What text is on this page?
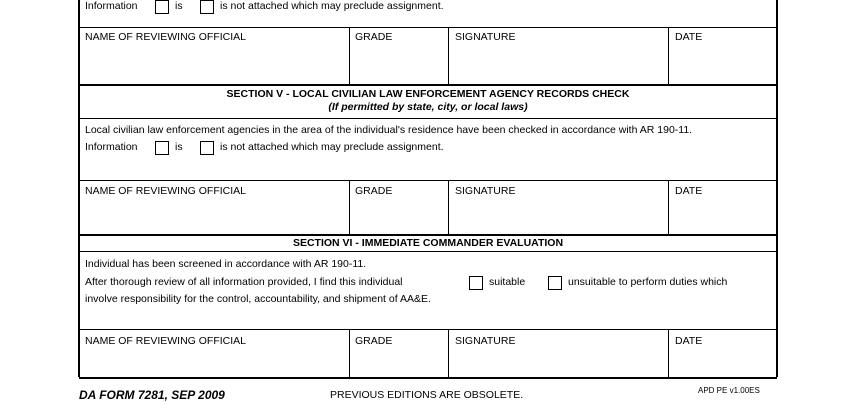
Information	is	is not attached which may preclude assignment.
NAME OF REVIEWING OFFICIAL	GRADE	SIGNATURE	DATE
SECTION V - LOCAL CIVILIAN LAW ENFORCEMENT AGENCY RECORDS CHECK
(If permitted by state, city, or local laws)
Local civilian law enforcement agencies in the area of the individual's residence have been checked in accordance with AR 190-11.
Information	is	is not attached which may preclude assignment.
NAME OF REVIEWING OFFICIAL	GRADE	SIGNATURE	DATE
SECTION VI - IMMEDIATE COMMANDER EVALUATION
Individual has been screened in accordance with AR 190-11.
After thorough review of all information provided, I find this individual
involve responsibility for the control, accountability, and shipment of AA&E.
suitable	unsuitable to perform duties which
NAME OF REVIEWING OFFICIAL	GRADE	SIGNATURE	DATE
DA FORM 7281, SEP 2009	PREVIOUS EDITIONS ARE OBSOLETE.	APD PE v1.00ES
